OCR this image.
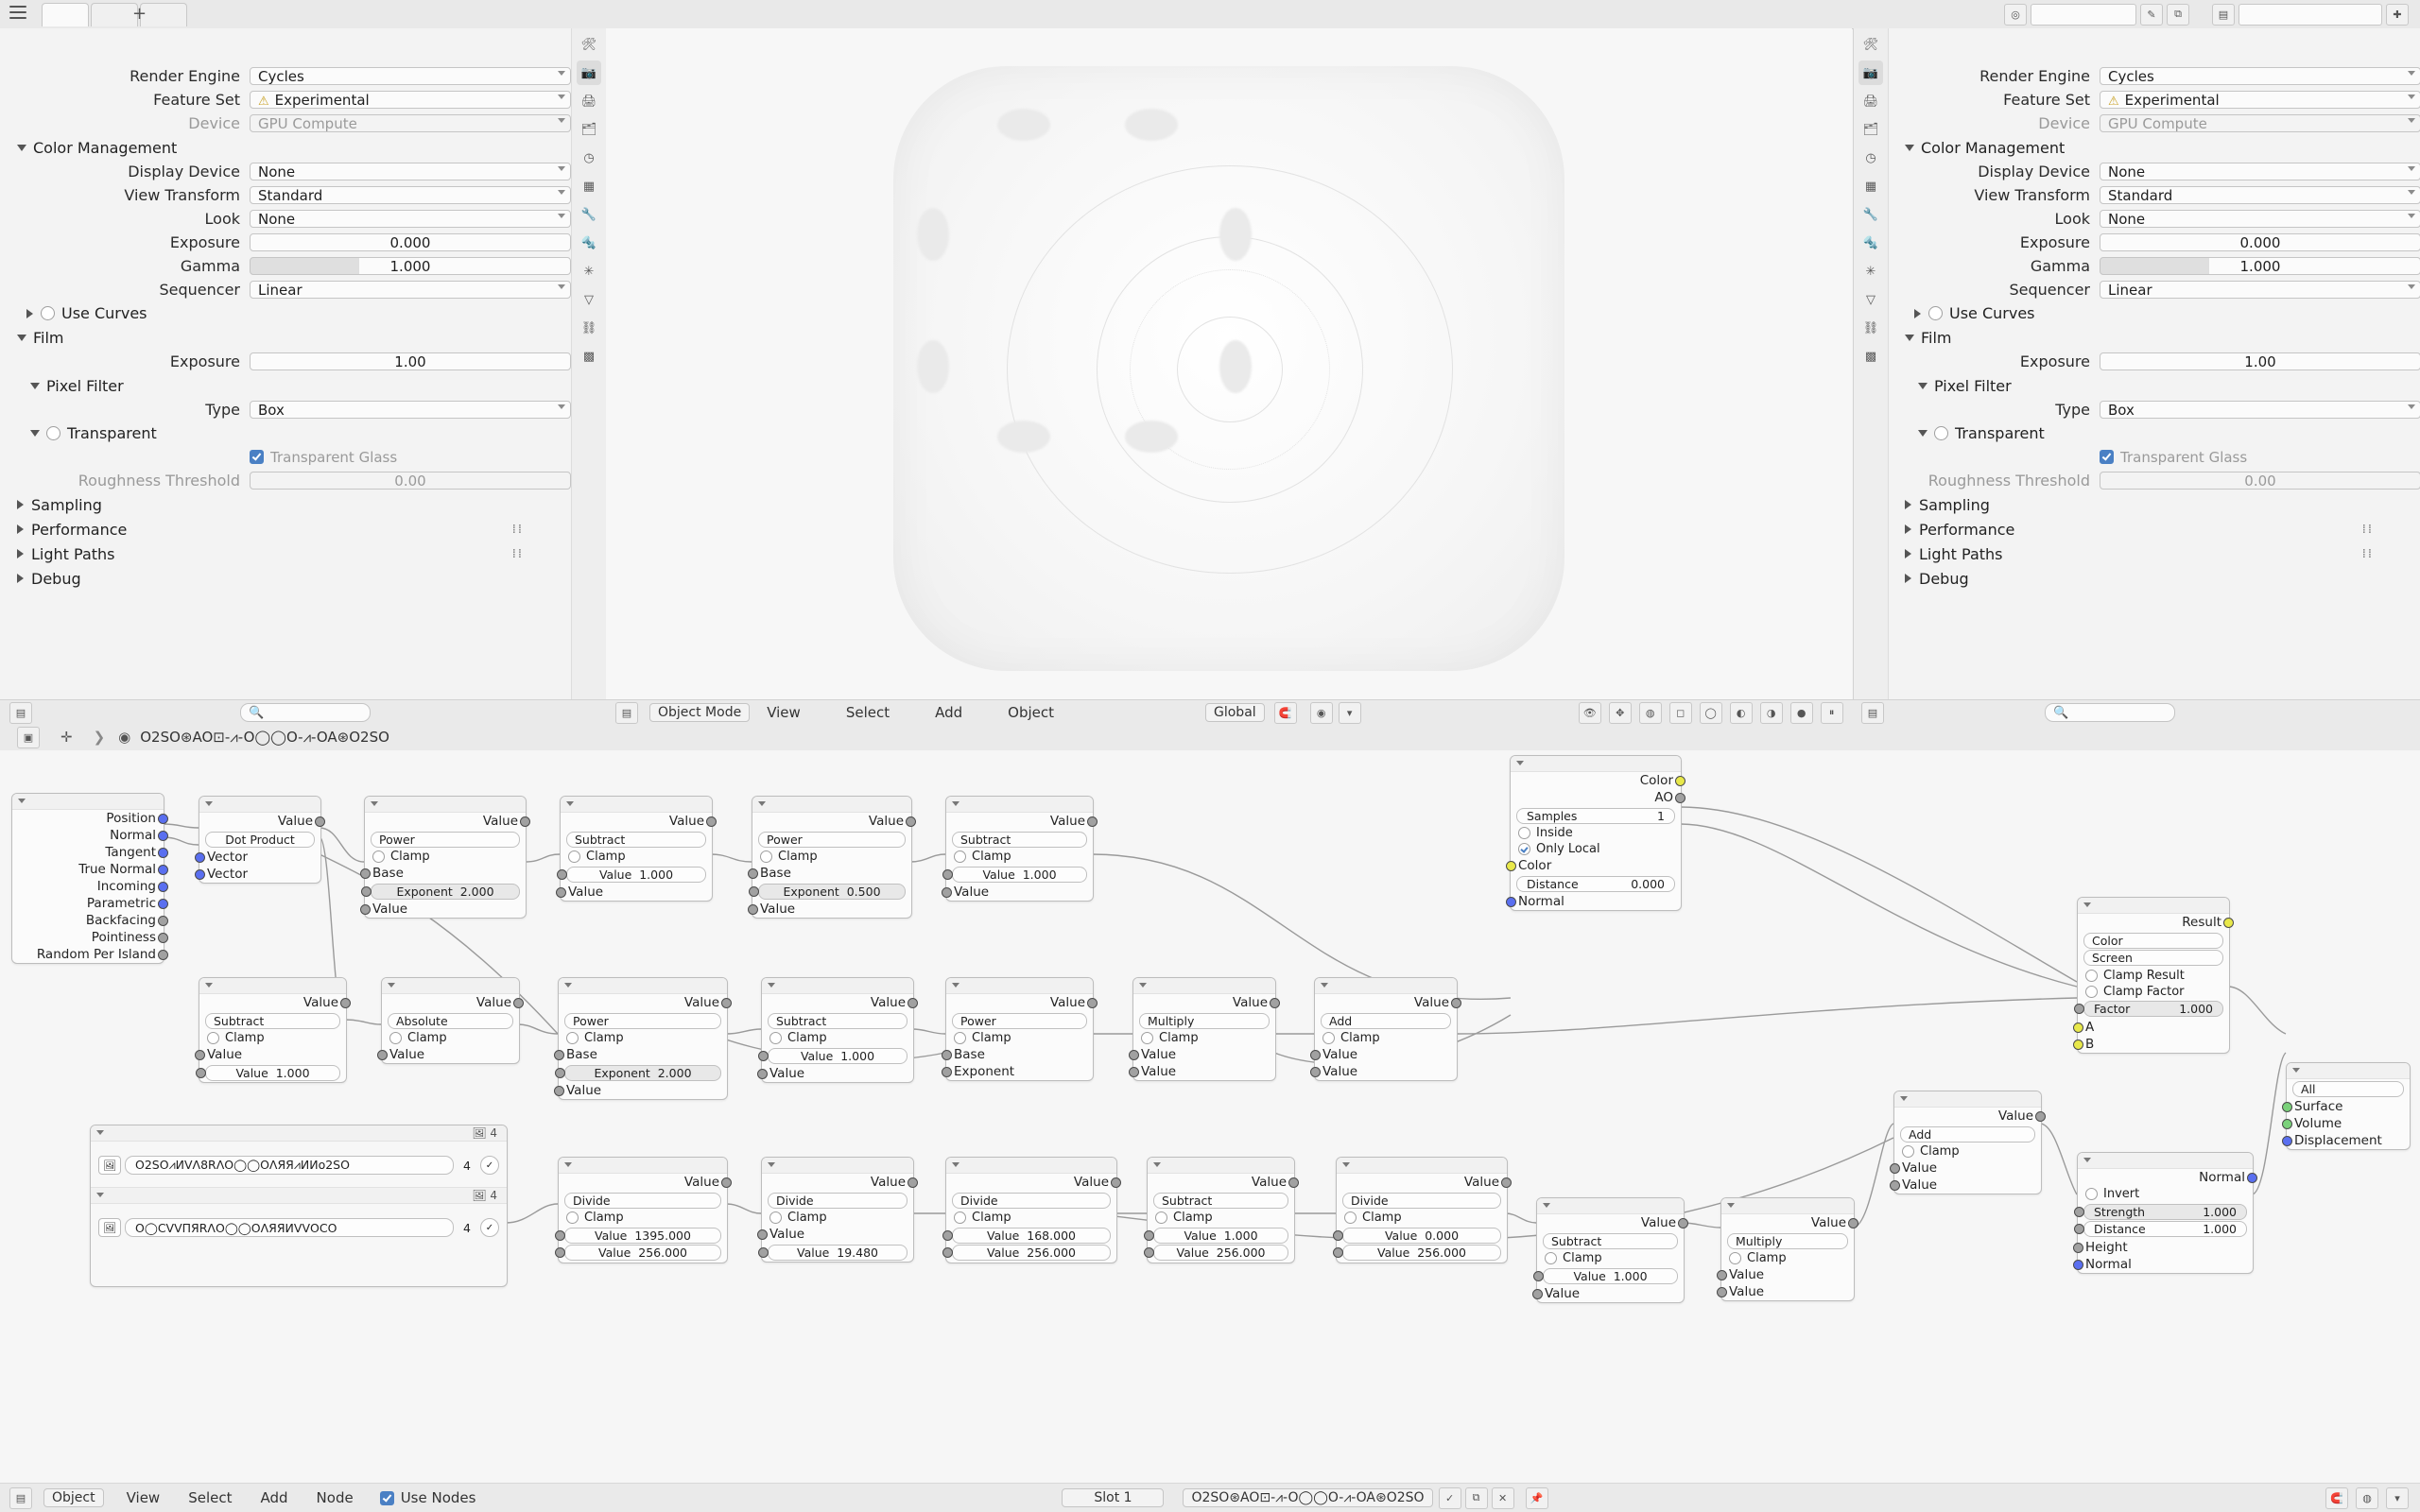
+	◎	✎	⧉	▤	✚
🛠
📷
🖨
🗂
◷
▦
🔧
🔩
✳
▽
⛓
▩
Render Engine	Cycles
Feature Set	⚠ Experimental
Device	GPU Compute
Color Management
Display Device	None
View Transform	Standard
Look	None
Exposure	0.000
Gamma	1.000
Sequencer	Linear
Use Curves
Film
Exposure	1.00
Pixel Filter
Type	Box
Transparent
Transparent Glass
Roughness Threshold	0.00
Sampling
Performance	⁞⁞
Light Paths	⁞⁞
Debug
▤	🔍	▤	Object Mode	View	Select	Add	Object	Global	🧲	◉	▾	👁	✥	◍	◻	◯	◐	◑	●	⏸	▤	🔍
🛠
📷
🖨
🗂
◷
▦
🔧
🔩
✳
▽
⛓
▩
Render Engine	Cycles
Feature Set	⚠ Experimental
Device	GPU Compute
Color Management
Display Device	None
View Transform	Standard
Look	None
Exposure	0.000
Gamma	1.000
Sequencer	Linear
Use Curves
Film
Exposure	1.00
Pixel Filter
Type	Box
Transparent
Transparent Glass
Roughness Threshold	0.00
Sampling
Performance	⁞⁞
Light Paths	⁞⁞
Debug
▣	✛ ❯ ◉ O2SO⊛AO⊡-⩘-O◯◯O-⩘-OA⊛O2SO
Position
Normal
Tangent
True Normal
Incoming
Parametric
Backfacing
Pointiness
Random Per Island
Value
Dot Product
Vector
Vector
Value
Power
Clamp
Base
Exponent
2.000
Value
Value
Subtract
Clamp
Value
1.000
Value
Value
Power
Clamp
Base
Exponent
0.500
Value
Value
Subtract
Clamp
Value
1.000
Value
Color
AO
Samples	1
Inside
Only Local
Color
Distance	0.000
Normal
Value
Subtract
Clamp
Value
Value
1.000
Value
Absolute
Clamp
Value
Value
Power
Clamp
Base
Exponent
2.000
Value
Value
Subtract
Clamp
Value
1.000
Value
Value
Power
Clamp
Base
Exponent
Value
Multiply
Clamp
Value
Value
Value
Add
Clamp
Value
Value
Result
Color
Screen
Clamp Result
Clamp Factor
Factor	1.000
A
B
All
Surface
Volume
Displacement
Normal
Invert
Strength	1.000
Distance	1.000
Height
Normal
Value
Add
Clamp
Value
Value
🖼 4
🖼	O2SO⩘ИⅤꓥ8RΛO◯◯OΛЯЯ⩘ИИo2SO	4	✓
🖼 4
🖼	O◯CⅤⅤПЯRΛO◯◯OΛЯЯИⅤⅤOCO	4	✓
Value
Divide
Clamp
Value
1395.000
Value
256.000
Value
Divide
Clamp
Value
Value
19.480
Value
Divide
Clamp
Value
168.000
Value
256.000
Value
Subtract
Clamp
Value
1.000
Value
256.000
Value
Divide
Clamp
Value
0.000
Value
256.000
Value
Subtract
Clamp
Value
1.000
Value
Value
Multiply
Clamp
Value
Value
▤	Object	View Select Add Node	Use Nodes	Slot 1	O2SO⊛AO⊡-⩘-O◯◯O-⩘-OA⊛O2SO	✓	⧉	✕	📌	🧲	◍	▾
